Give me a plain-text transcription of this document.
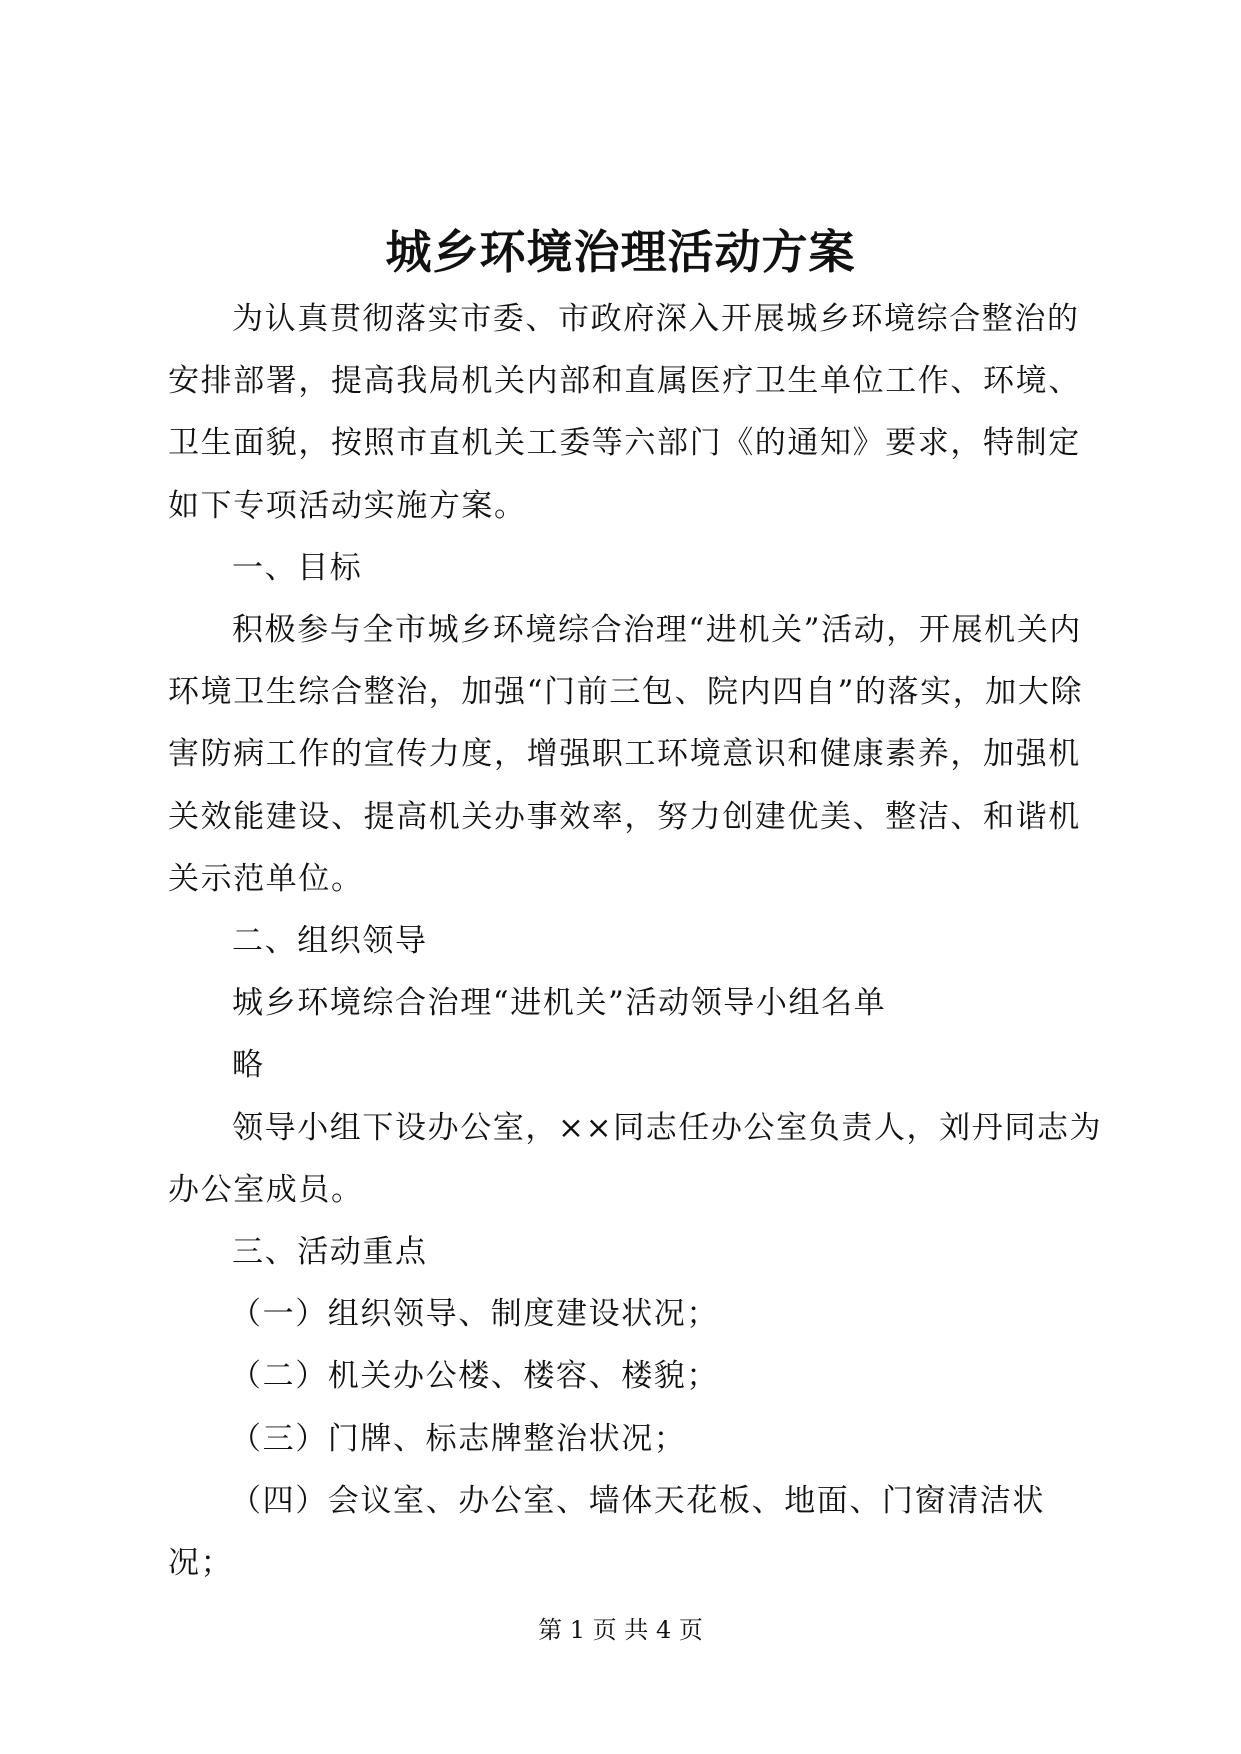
城乡环境治理活动方案

为认真贯彻落实市委、市政府深入开展城乡环境综合整治的安排部署，提高我局机关内部和直属医疗卫生单位工作、环境、卫生面貌，按照市直机关工委等六部门《的通知》要求，特制定如下专项活动实施方案。

一、目标

积极参与全市城乡环境综合治理“进机关”活动，开展机关内环境卫生综合整治，加强“门前三包、院内四自”的落实，加大除害防病工作的宣传力度，增强职工环境意识和健康素养，加强机关效能建设、提高机关办事效率，努力创建优美、整洁、和谐机关示范单位。

二、组织领导

城乡环境综合治理“进机关”活动领导小组名单

略

领导小组下设办公室，××同志任办公室负责人，刘丹同志为办公室成员。

三、活动重点

（一）组织领导、制度建设状况；

（二）机关办公楼、楼容、楼貌；

（三）门牌、标志牌整治状况；

（四）会议室、办公室、墙体天花板、地面、门窗清洁状况；

第 1 页 共 4 页
